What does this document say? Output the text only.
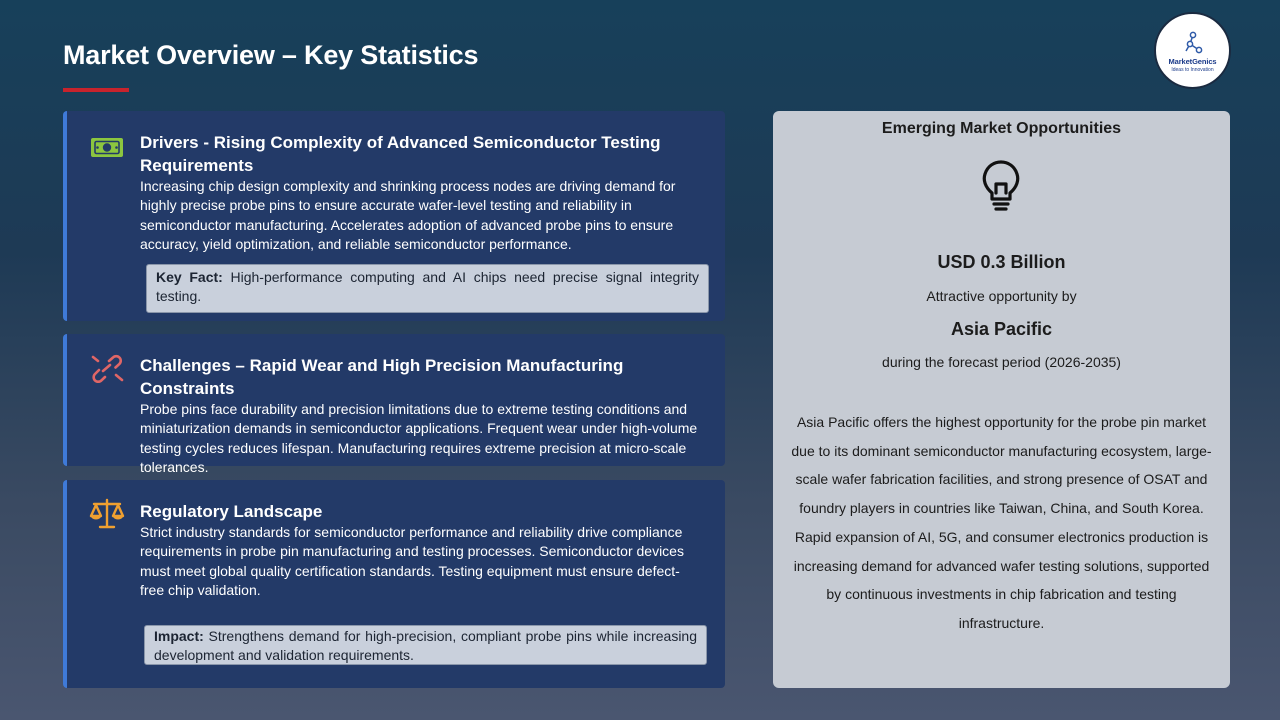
Market Overview – Key Statistics	MarketGenics
Ideas to Innovation
Drivers - Rising Complexity of Advanced Semiconductor Testing Requirements
Increasing chip design complexity and shrinking process nodes are driving demand for highly precise probe pins to ensure accurate wafer-level testing and reliability in semiconductor manufacturing. Accelerates adoption of advanced probe pins to ensure accuracy, yield optimization, and reliable semiconductor performance.
Key Fact: High-performance computing and AI chips need precise signal integrity testing.
Challenges – Rapid Wear and High Precision Manufacturing Constraints
Probe pins face durability and precision limitations due to extreme testing conditions and miniaturization demands in semiconductor applications. Frequent wear under high-volume testing cycles reduces lifespan. Manufacturing requires extreme precision at micro-scale tolerances.
Regulatory Landscape
Strict industry standards for semiconductor performance and reliability drive compliance requirements in probe pin manufacturing and testing processes. Semiconductor devices must meet global quality certification standards. Testing equipment must ensure defect-free chip validation.
Impact: Strengthens demand for high-precision, compliant probe pins while increasing development and validation requirements.
Emerging Market Opportunities
USD 0.3 Billion
Attractive opportunity by
Asia Pacific
during the forecast period (2026-2035)
Asia Pacific offers the highest opportunity for the probe pin market due to its dominant semiconductor manufacturing ecosystem, large-scale wafer fabrication facilities, and strong presence of OSAT and foundry players in countries like Taiwan, China, and South Korea. Rapid expansion of AI, 5G, and consumer electronics production is increasing demand for advanced wafer testing solutions, supported by continuous investments in chip fabrication and testing infrastructure.
